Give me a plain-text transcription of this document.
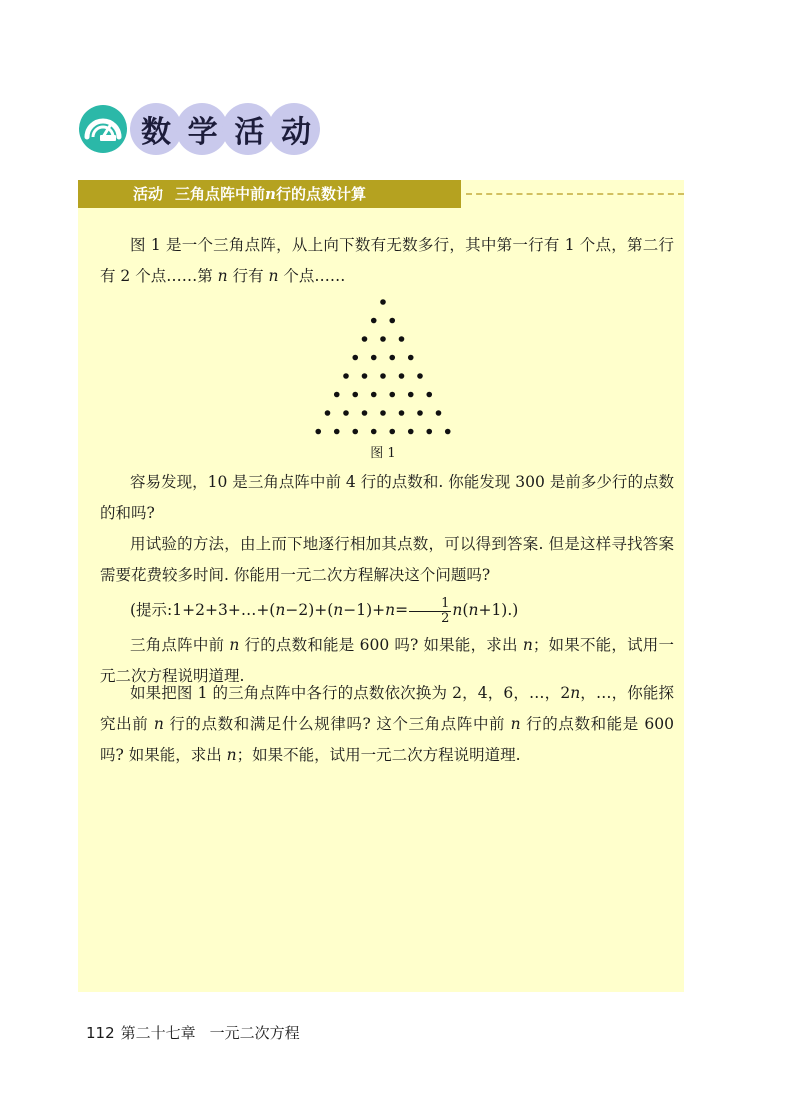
数 学 活 动
活动 三角点阵中前n行的点数计算
图 1 是一个三角点阵，从上向下数有无数多行，其中第一行有 1 个点，第二行有 2 个点……第 n 行有 n 个点……
图 1
容易发现，10 是三角点阵中前 4 行的点数和. 你能发现 300 是前多少行的点数的和吗?
用试验的方法，由上而下地逐行相加其点数，可以得到答案. 但是这样寻找答案需要花费较多时间. 你能用一元二次方程解决这个问题吗?
(提示:1+2+3+…+(n−2)+(n−1)+n= $\frac{1}{2} n(n+1)$.)
三角点阵中前 n 行的点数和能是 600 吗? 如果能，求出 n；如果不能，试用一元二次方程说明道理.
如果把图 1 的三角点阵中各行的点数依次换为 2，4，6，…，2n，…，你能探究出前 n 行的点数和满足什么规律吗? 这个三角点阵中前 n 行的点数和能是 600 吗? 如果能，求出 n；如果不能，试用一元二次方程说明道理.
112 第二十七章 一元二次方程
